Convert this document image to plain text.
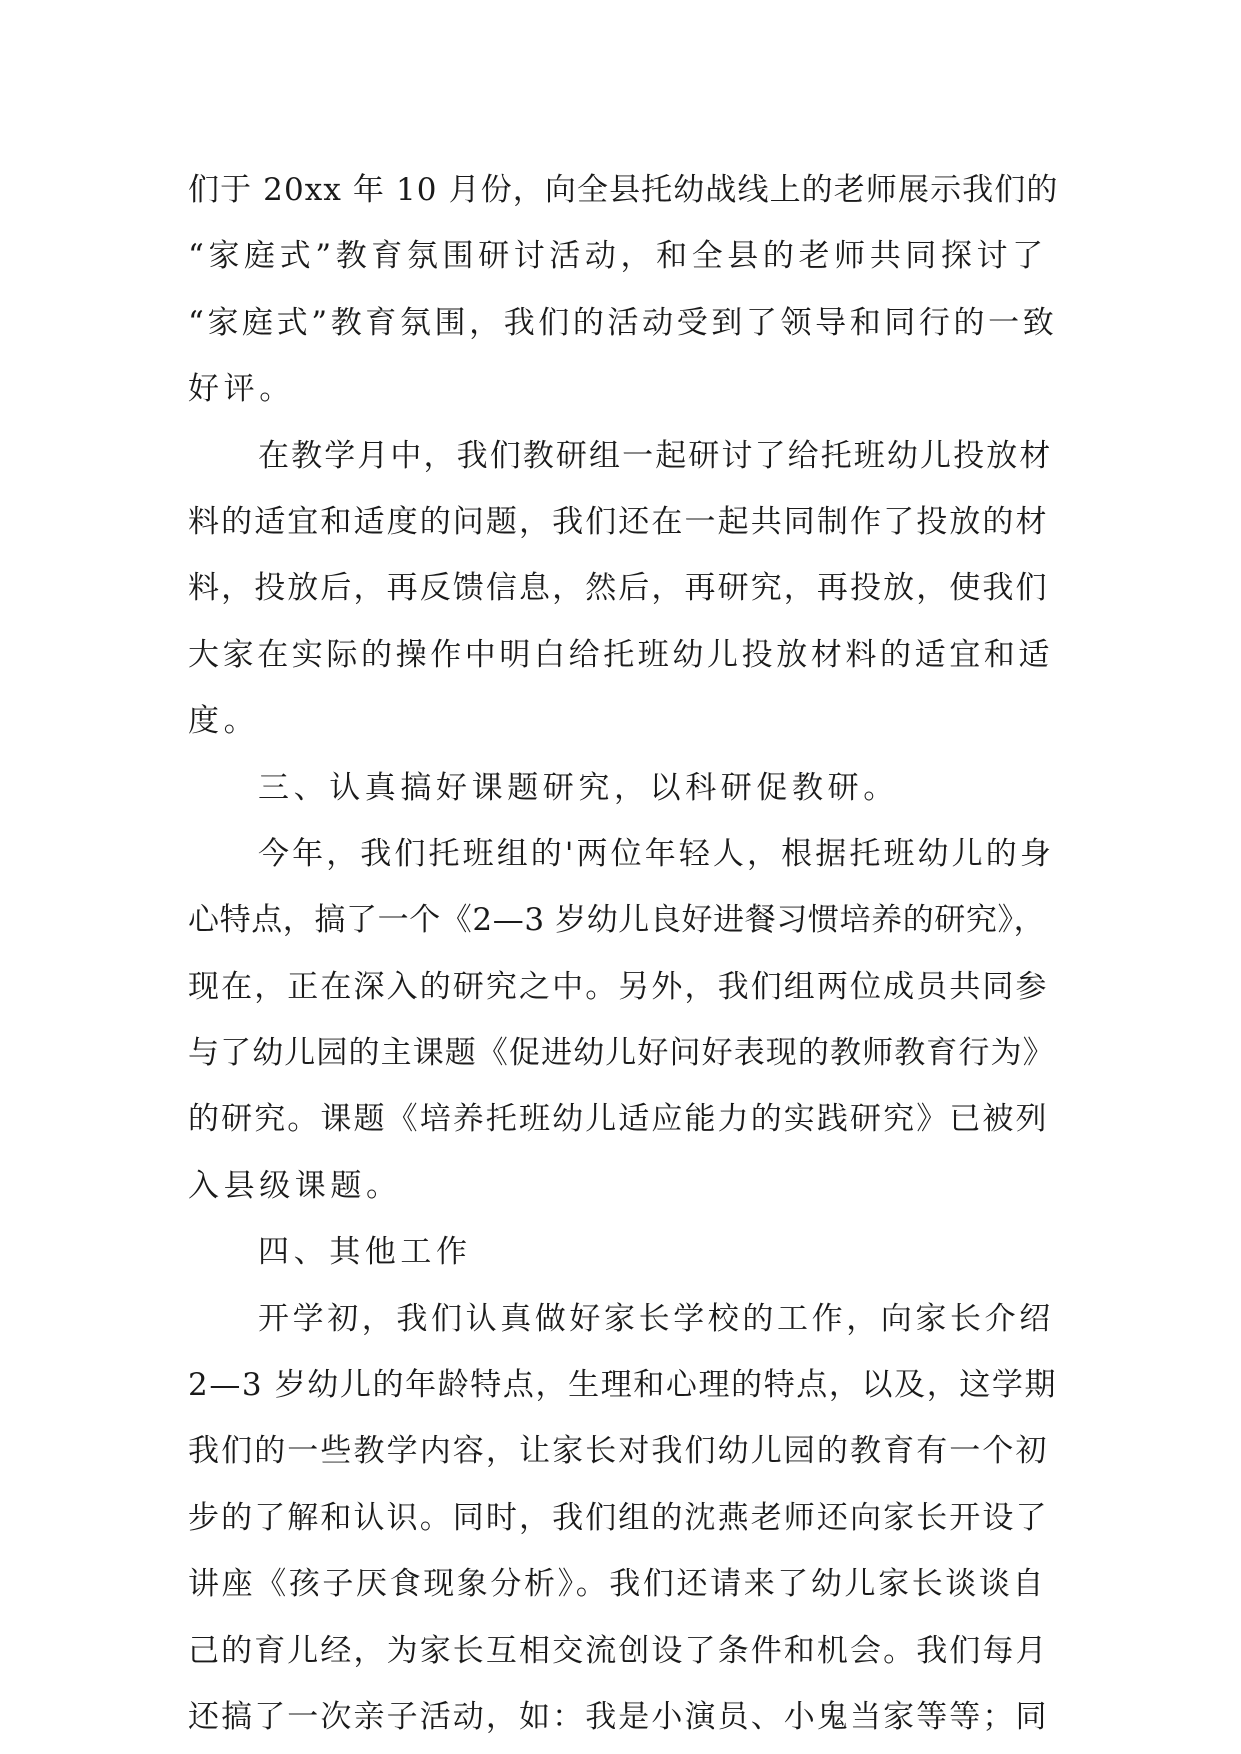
们于 20xx 年 10 月份，向全县托幼战线上的老师展示我们的
“家庭式”教育氛围研讨活动，和全县的老师共同探讨了
“家庭式”教育氛围，我们的活动受到了领导和同行的一致
好评。
在教学月中，我们教研组一起研讨了给托班幼儿投放材
料的适宜和适度的问题，我们还在一起共同制作了投放的材
料，投放后，再反馈信息，然后，再研究，再投放，使我们
大家在实际的操作中明白给托班幼儿投放材料的适宜和适
度。
三、认真搞好课题研究，以科研促教研。
今年，我们托班组的'两位年轻人，根据托班幼儿的身
心特点，搞了一个《2—3 岁幼儿良好进餐习惯培养的研究》，
现在，正在深入的研究之中。另外，我们组两位成员共同参
与了幼儿园的主课题《促进幼儿好问好表现的教师教育行为》
的研究。课题《培养托班幼儿适应能力的实践研究》已被列
入县级课题。
四、其他工作
开学初，我们认真做好家长学校的工作，向家长介绍
2—3 岁幼儿的年龄特点，生理和心理的特点，以及，这学期
我们的一些教学内容，让家长对我们幼儿园的教育有一个初
步的了解和认识。同时，我们组的沈燕老师还向家长开设了
讲座《孩子厌食现象分析》。我们还请来了幼儿家长谈谈自
己的育儿经，为家长互相交流创设了条件和机会。我们每月
还搞了一次亲子活动，如：我是小演员、小鬼当家等等；同
